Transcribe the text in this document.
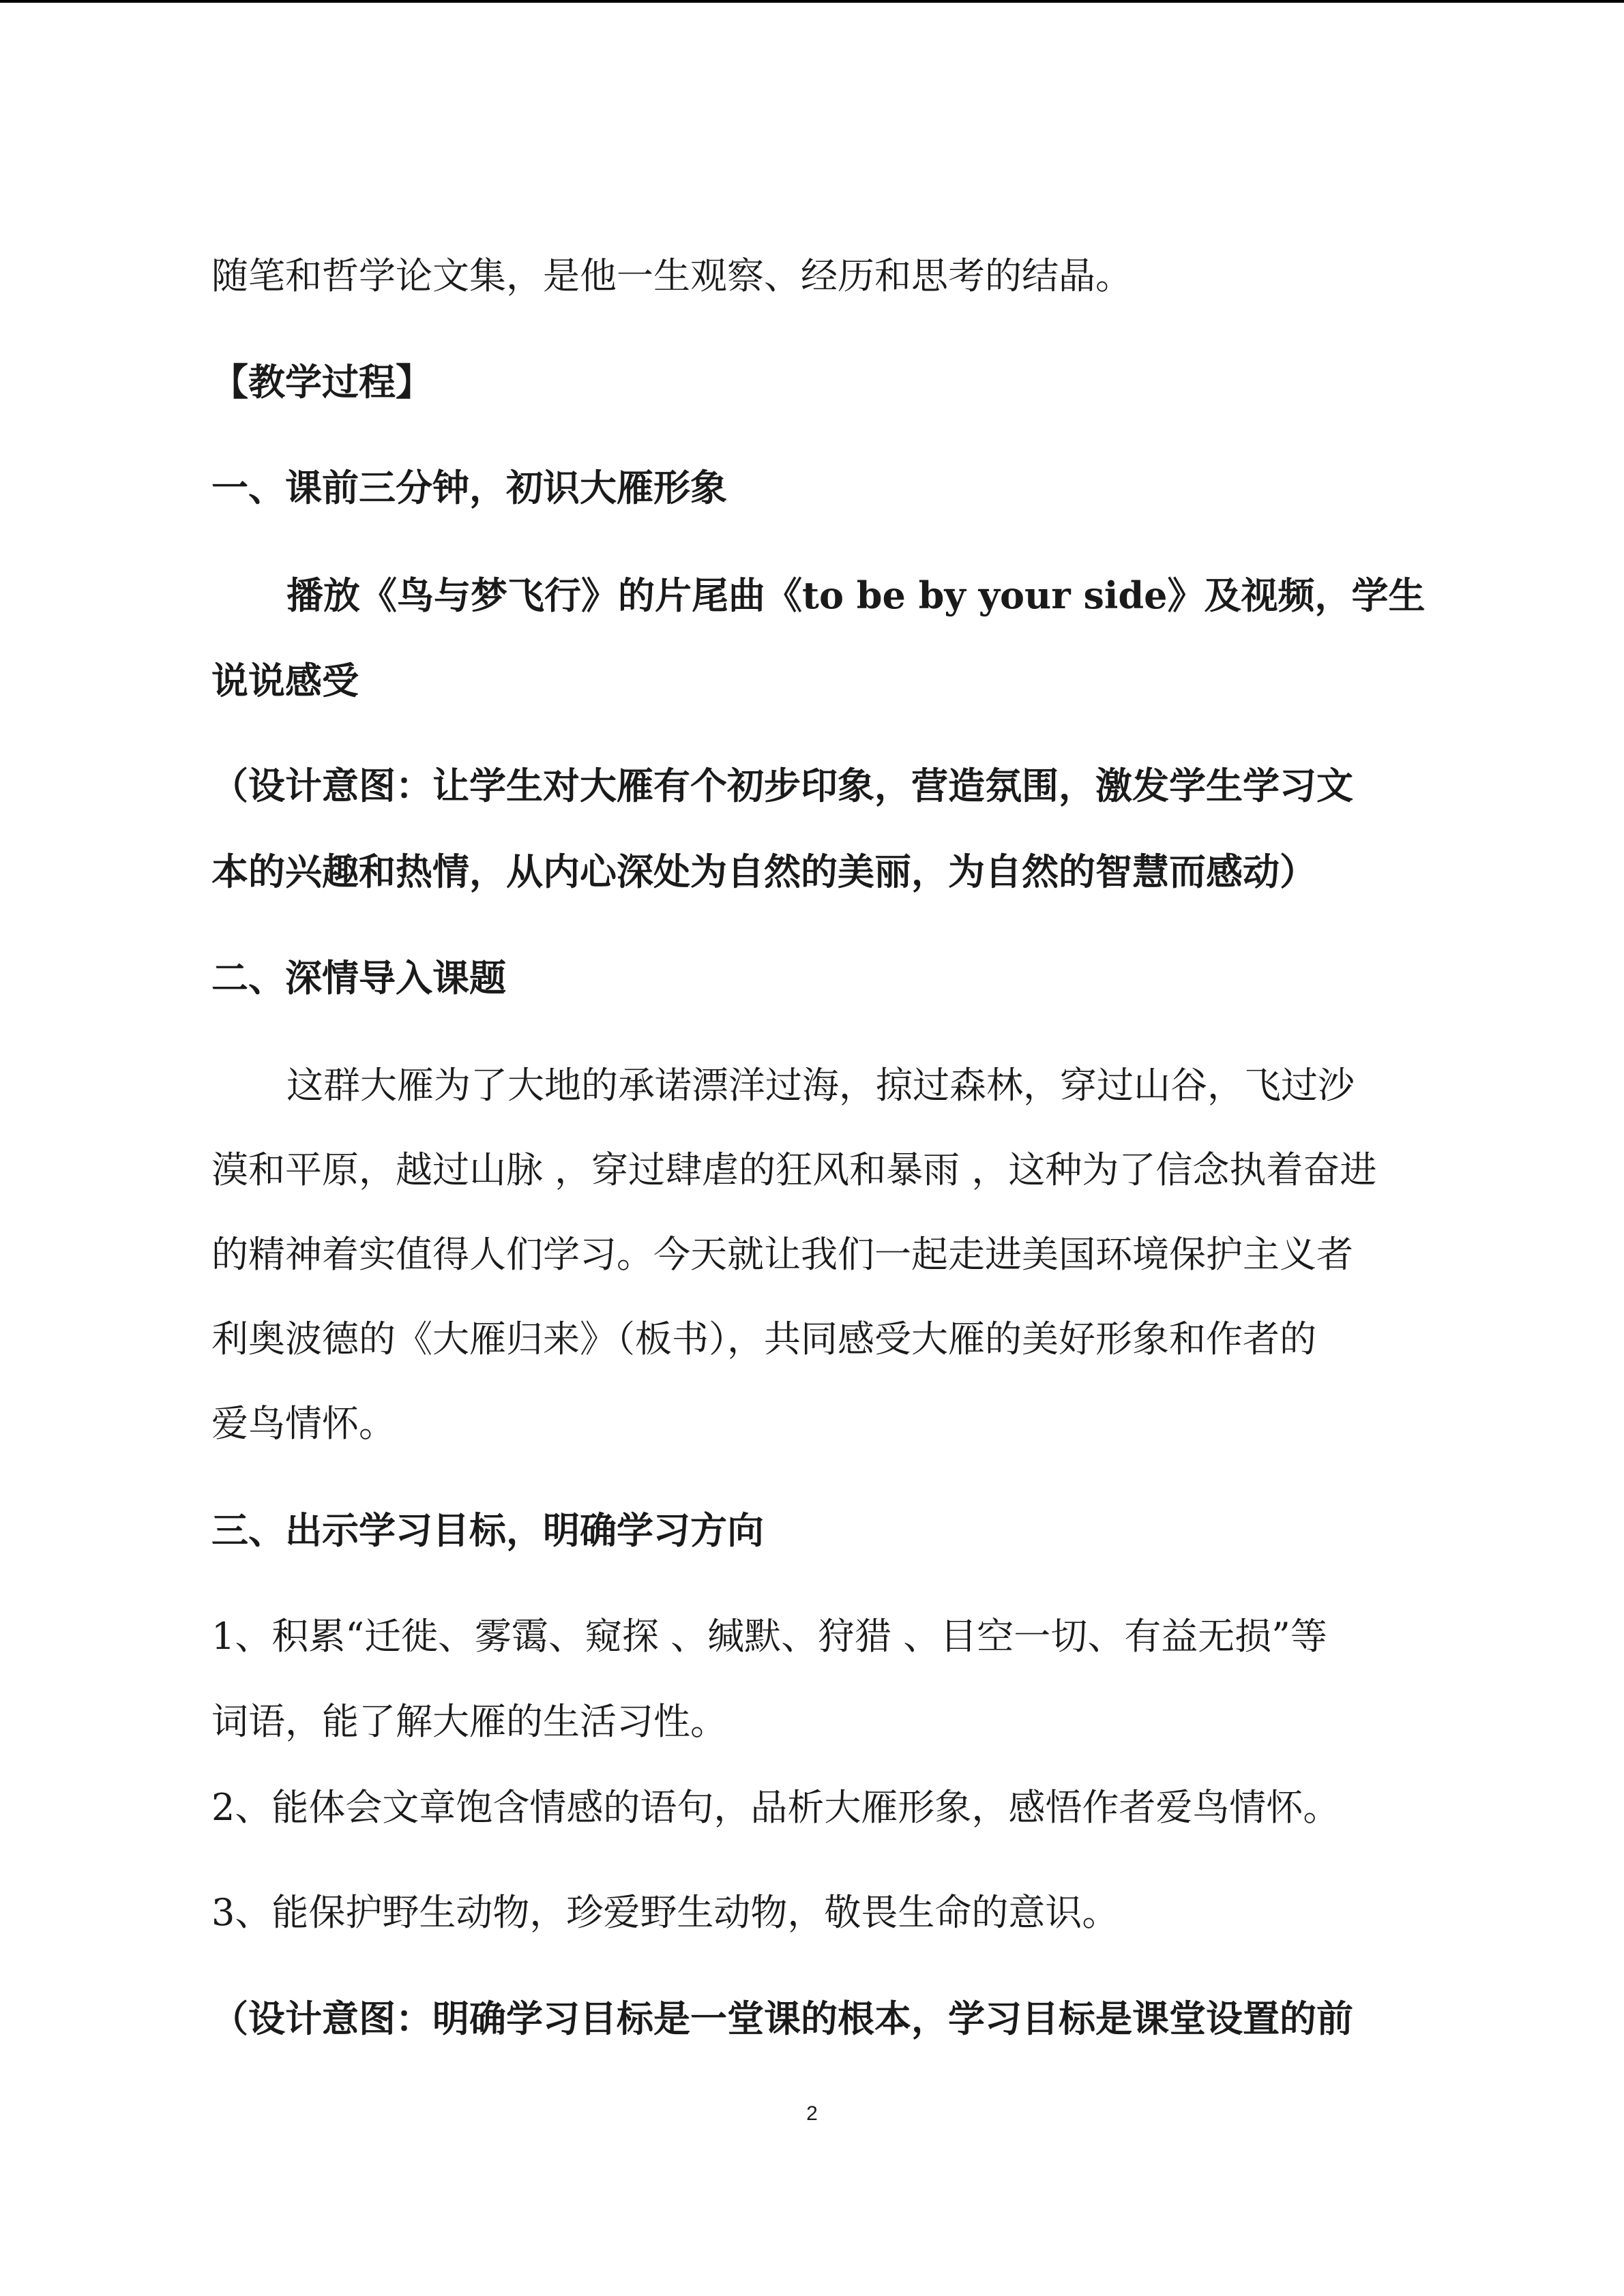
随笔和哲学论文集，是他一生观察、经历和思考的结晶。
【教学过程】
一、课前三分钟，初识大雁形象
播放《鸟与梦飞行》的片尾曲《to be by your side》及视频，学生
说说感受
（设计意图：让学生对大雁有个初步印象，营造氛围，激发学生学习文
本的兴趣和热情，从内心深处为自然的美丽，为自然的智慧而感动）
二、深情导入课题
这群大雁为了大地的承诺漂洋过海，掠过森林，穿过山谷，飞过沙
漠和平原，越过山脉 ，穿过肆虐的狂风和暴雨 ，这种为了信念执着奋进
的精神着实值得人们学习。今天就让我们一起走进美国环境保护主义者
利奥波德的《大雁归来》（板书），共同感受大雁的美好形象和作者的
爱鸟情怀。
三、出示学习目标，明确学习方向
1、积累“迁徙、雾霭、窥探 、缄默、狩猎 、目空一切、有益无损”等
词语，能了解大雁的生活习性。
2、能体会文章饱含情感的语句，品析大雁形象，感悟作者爱鸟情怀。
3、能保护野生动物，珍爱野生动物，敬畏生命的意识。
（设计意图：明确学习目标是一堂课的根本，学习目标是课堂设置的前
2
